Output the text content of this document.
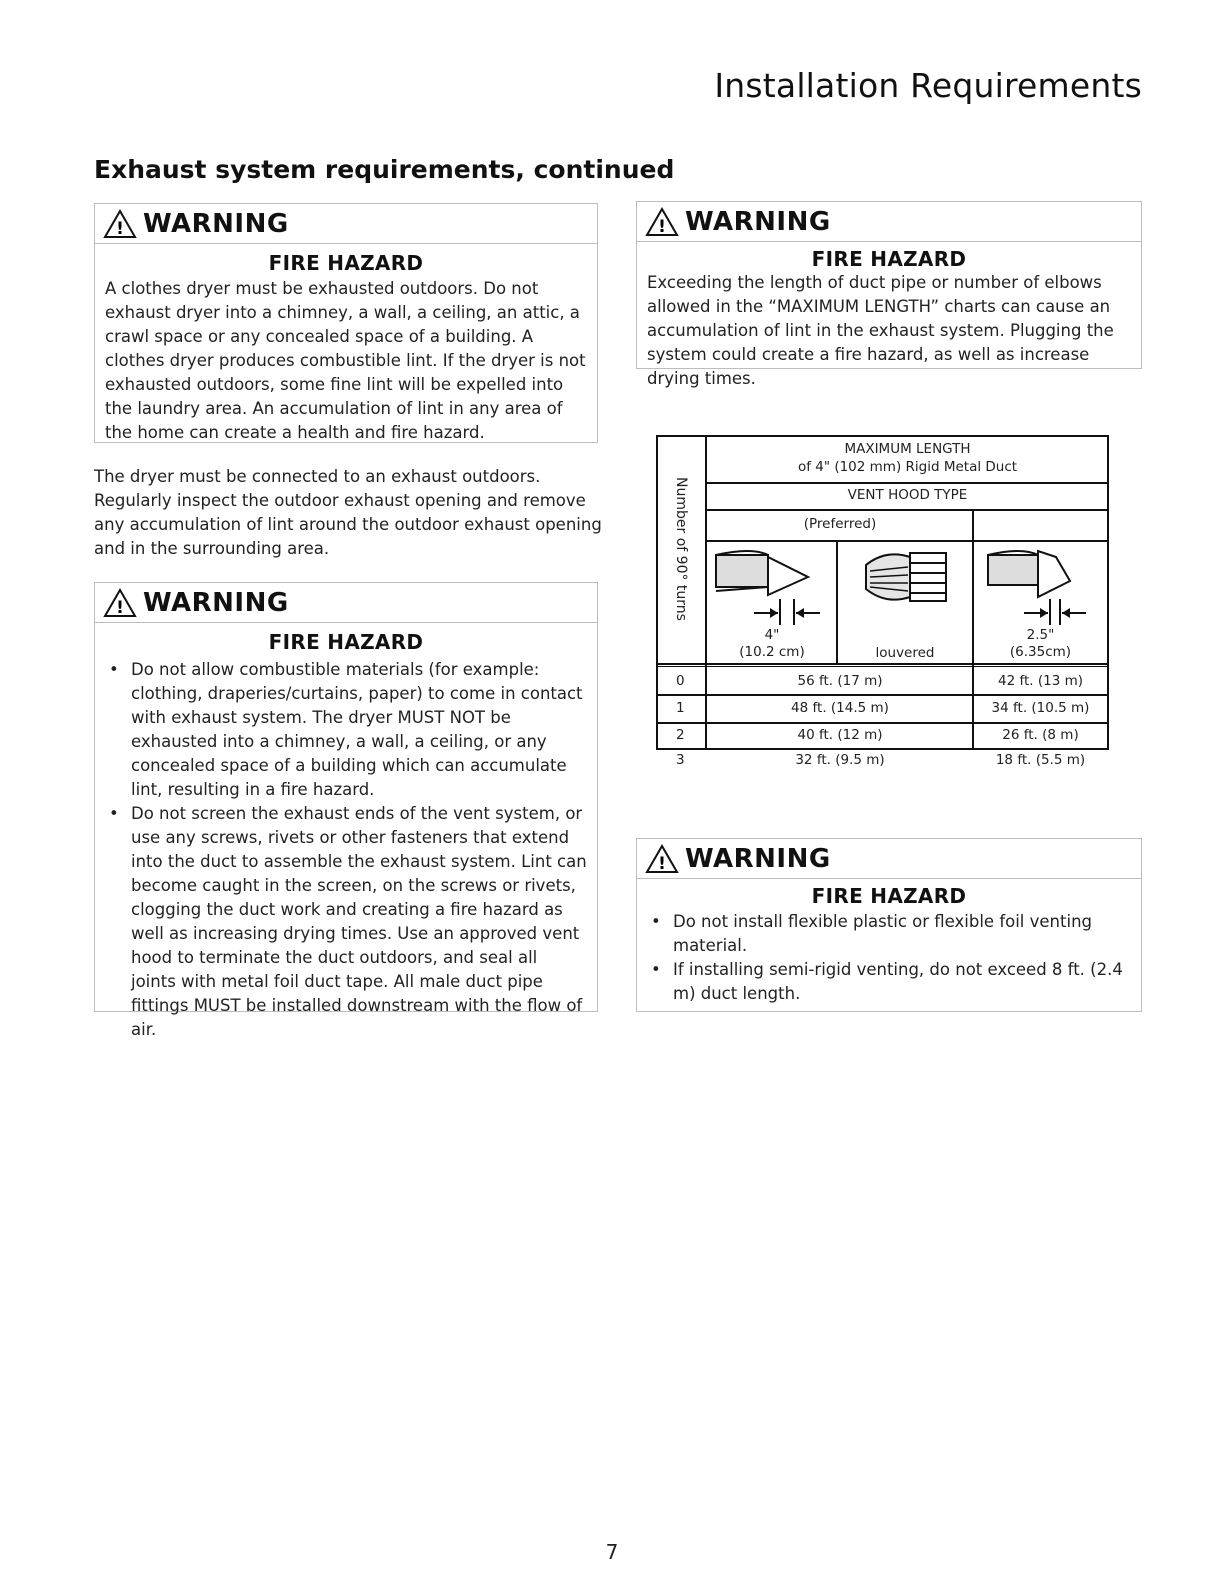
Installation Requirements
Exhaust system requirements, continued
! WARNING
FIRE HAZARD
A clothes dryer must be exhausted outdoors. Do not exhaust dryer into a chimney, a wall, a ceiling, an attic, a crawl space or any concealed space of a building. A clothes dryer produces combustible lint. If the dryer is not exhausted outdoors, some fine lint will be expelled into the laundry area. An accumulation of lint in any area of the home can create a health and fire hazard.
The dryer must be connected to an exhaust outdoors. Regularly inspect the outdoor exhaust opening and remove any accumulation of lint around the outdoor exhaust opening and in the surrounding area.
! WARNING
FIRE HAZARD
• Do not allow combustible materials (for example: clothing, draperies/curtains, paper) to come in contact with exhaust system. The dryer MUST NOT be exhausted into a chimney, a wall, a ceiling, or any concealed space of a building which can accumulate lint, resulting in a fire hazard.
• Do not screen the exhaust ends of the vent system, or use any screws, rivets or other fasteners that extend into the duct to assemble the exhaust system. Lint can become caught in the screen, on the screws or rivets, clogging the duct work and creating a fire hazard as well as increasing drying times. Use an approved vent hood to terminate the duct outdoors, and seal all joints with metal foil duct tape. All male duct pipe fittings MUST be installed downstream with the flow of air.
! WARNING
FIRE HAZARD
Exceeding the length of duct pipe or number of elbows allowed in the “MAXIMUM LENGTH” charts can cause an accumulation of lint in the exhaust system. Plugging the system could create a fire hazard, as well as increase drying times.
Number of 90° turns
MAXIMUM LENGTH
of 4" (102 mm) Rigid Metal Duct
VENT HOOD TYPE
(Preferred)
4"
(10.2 cm)	louvered
2.5"
(6.35cm)
0	56 ft. (17 m)	42 ft. (13 m)
1	48 ft. (14.5 m)	34 ft. (10.5 m)
2	40 ft. (12 m)	26 ft. (8 m)
3	32 ft. (9.5 m)	18 ft. (5.5 m)
! WARNING
FIRE HAZARD
• Do not install flexible plastic or flexible foil venting material.
• If installing semi-rigid venting, do not exceed 8 ft. (2.4 m) duct length.
7
